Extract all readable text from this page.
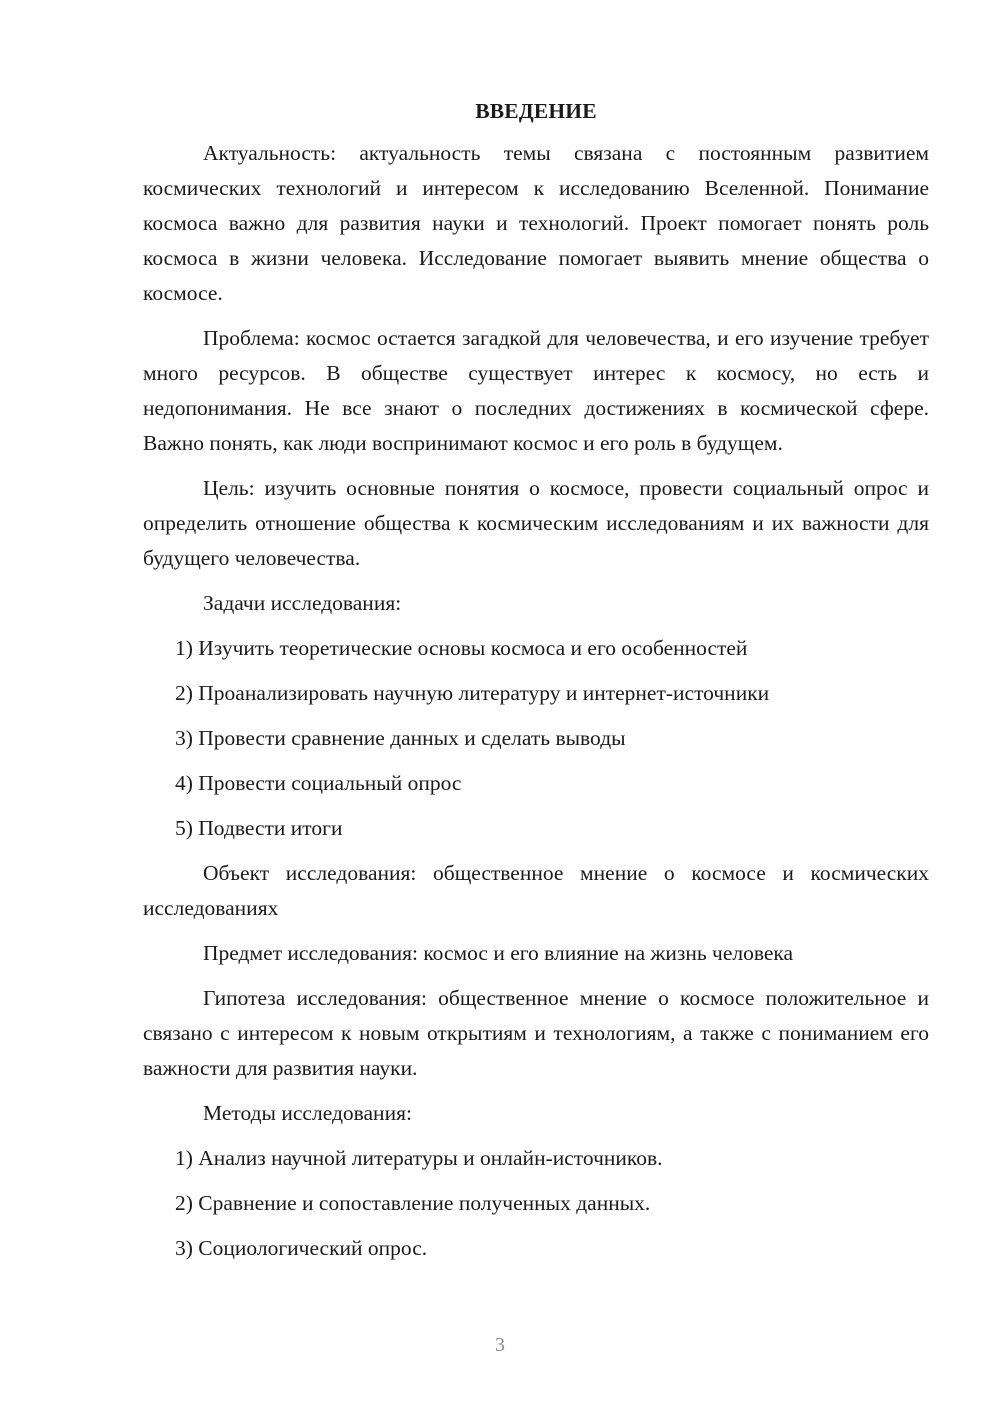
ВВЕДЕНИЕ
Актуальность: актуальность темы связана с постоянным развитием космических технологий и интересом к исследованию Вселенной. Понимание космоса важно для развития науки и технологий. Проект помогает понять роль космоса в жизни человека. Исследование помогает выявить мнение общества о космосе.
Проблема: космос остается загадкой для человечества, и его изучение требует много ресурсов. В обществе существует интерес к космосу, но есть и недопонимания. Не все знают о последних достижениях в космической сфере. Важно понять, как люди воспринимают космос и его роль в будущем.
Цель: изучить основные понятия о космосе, провести социальный опрос и определить отношение общества к космическим исследованиям и их важности для будущего человечества.
Задачи исследования:
1) Изучить теоретические основы космоса и его особенностей
2) Проанализировать научную литературу и интернет-источники
3) Провести сравнение данных и сделать выводы
4) Провести социальный опрос
5) Подвести итоги
Объект исследования: общественное мнение о космосе и космических исследованиях
Предмет исследования: космос и его влияние на жизнь человека
Гипотеза исследования: общественное мнение о космосе положительное и связано с интересом к новым открытиям и технологиям, а также с пониманием его важности для развития науки.
Методы исследования:
1) Анализ научной литературы и онлайн-источников.
2) Сравнение и сопоставление полученных данных.
3) Социологический опрос.
3
